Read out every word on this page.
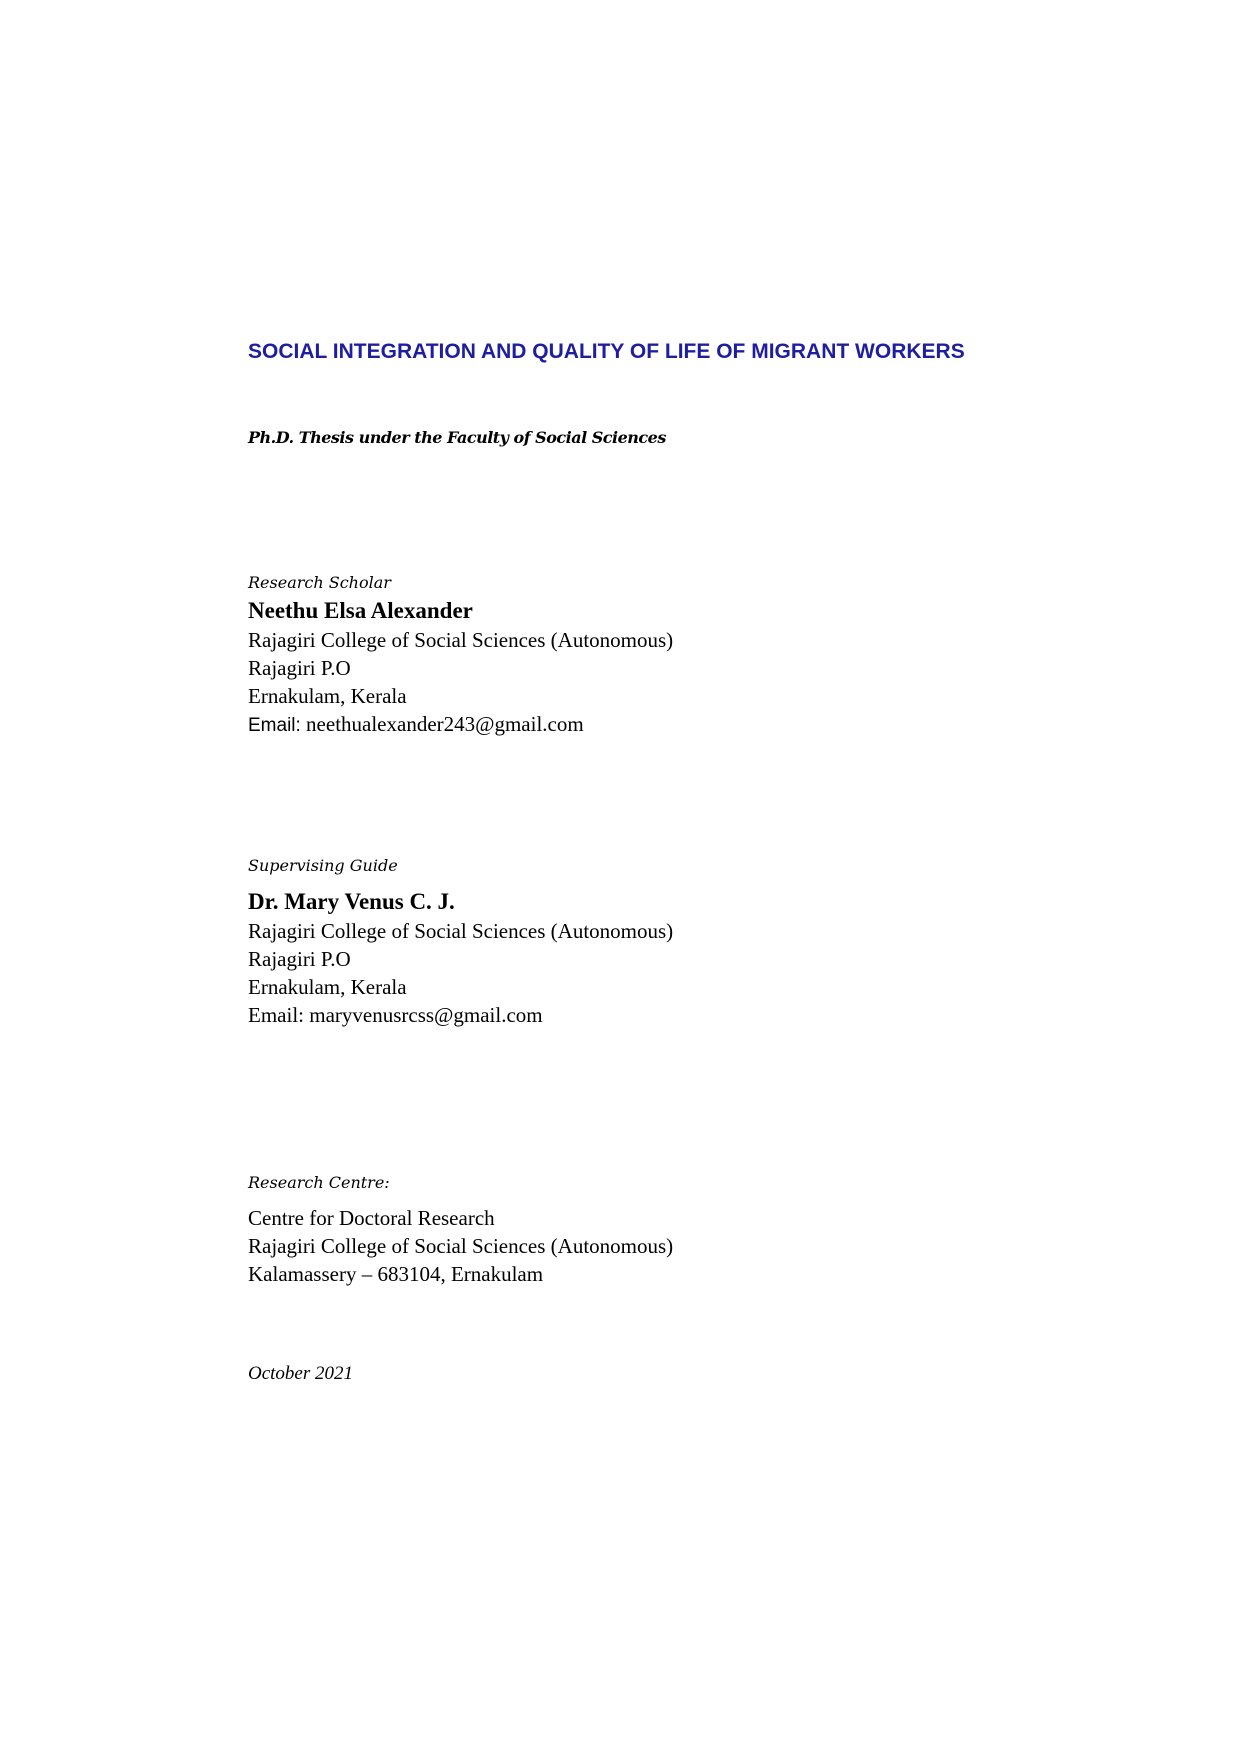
SOCIAL INTEGRATION AND QUALITY OF LIFE OF MIGRANT WORKERS
Ph.D. Thesis under the Faculty of Social Sciences
Research Scholar
Neethu Elsa Alexander
Rajagiri College of Social Sciences (Autonomous)
Rajagiri P.O
Ernakulam, Kerala
Email: neethualexander243@gmail.com
Supervising Guide
Dr. Mary Venus C. J.
Rajagiri College of Social Sciences (Autonomous)
Rajagiri P.O
Ernakulam, Kerala
Email: maryvenusrcss@gmail.com
Research Centre:
Centre for Doctoral Research
Rajagiri College of Social Sciences (Autonomous)
Kalamassery – 683104, Ernakulam
October 2021
